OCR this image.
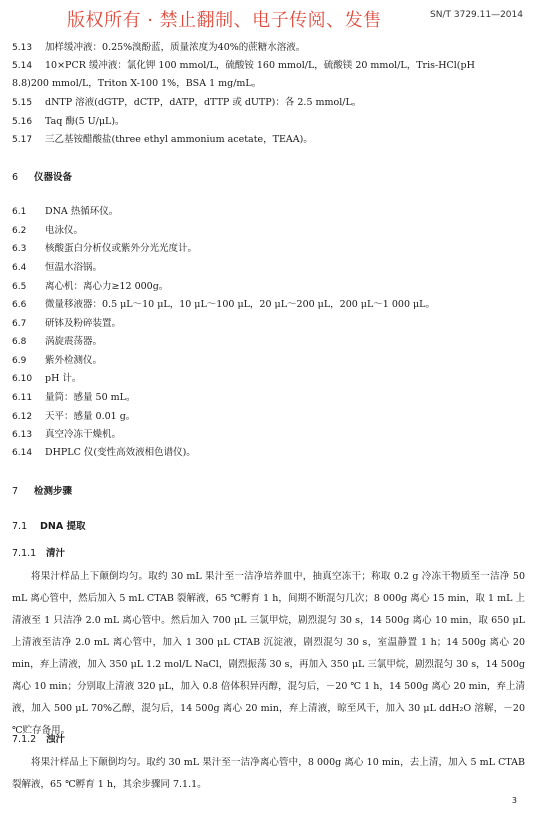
版权所有 · 禁止翻制、电子传阅、发售	SN/T 3729.11—2014
5.13 加样缓冲液：0.25%溴酚蓝，质量浓度为40%的蔗糖水溶液。
5.14 10×PCR 缓冲液：氯化钾 100 mmol/L，硫酸铵 160 mmol/L，硫酸镁 20 mmol/L，Tris-HCl(pH
8.8)200 mmol/L，Triton X-100 1%，BSA 1 mg/mL。
5.15 dNTP 溶液(dGTP，dCTP，dATP，dTTP 或 dUTP)：各 2.5 mmol/L。
5.16 Taq 酶(5 U/μL)。
5.17 三乙基铵醋酸盐(three ethyl ammonium acetate，TEAA)。
6 仪器设备
6.1 DNA 热循环仪。
6.2 电泳仪。
6.3 核酸蛋白分析仪或紫外分光光度计。
6.4 恒温水浴锅。
6.5 离心机：离心力≥12 000g。
6.6 微量移液器：0.5 μL～10 μL，10 μL～100 μL，20 μL～200 μL，200 μL～1 000 μL。
6.7 研钵及粉碎装置。
6.8 涡旋震荡器。
6.9 紫外检测仪。
6.10 pH 计。
6.11 量筒：感量 50 mL。
6.12 天平：感量 0.01 g。
6.13 真空冷冻干燥机。
6.14 DHPLC 仪(变性高效液相色谱仪)。
7 检测步骤
7.1 DNA 提取
7.1.1 清汁
将果汁样品上下颠倒均匀。取约 30 mL 果汁至一洁净培养皿中，抽真空冻干；称取 0.2 g 冷冻干物质至一洁净 50 mL 离心管中，然后加入 5 mL CTAB 裂解液，65 ℃孵育 1 h，间期不断混匀几次；8 000g 离心 15 min，取 1 mL 上清液至 1 只洁净 2.0 mL 离心管中。然后加入 700 μL 三氯甲烷，剧烈混匀 30 s，14 500g 离心 10 min，取 650 μL 上清液至洁净 2.0 mL 离心管中，加入 1 300 μL CTAB 沉淀液，剧烈混匀 30 s，室温静置 1 h；14 500g 离心 20 min，弃上清液，加入 350 μL 1.2 mol/L NaCl，剧烈振荡 30 s，再加入 350 μL 三氯甲烷，剧烈混匀 30 s，14 500g 离心 10 min；分别取上清液 320 μL，加入 0.8 倍体积异丙醇，混匀后，－20 ℃ 1 h，14 500g 离心 20 min，弃上清液，加入 500 μL 70%乙醇，混匀后，14 500g 离心 20 min，弃上清液，晾至风干，加入 30 μL ddH₂O 溶解，－20 ℃贮存备用。
7.1.2 浊汁
将果汁样品上下颠倒均匀。取约 30 mL 果汁至一洁净离心管中，8 000g 离心 10 min，去上清，加入 5 mL CTAB 裂解液，65 ℃孵育 1 h，其余步骤同 7.1.1。
3
